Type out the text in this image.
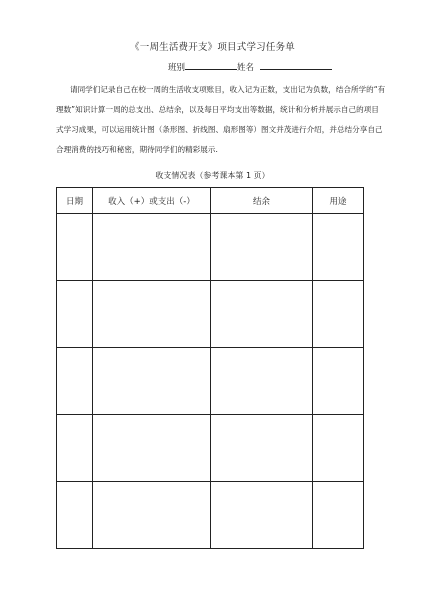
《一周生活费开支》项目式学习任务单
班别	姓名
请同学们记录自己在校一周的生活收支项账目，收入记为正数，支出记为负数，结合所学的“有
理数”知识计算一周的总支出、总结余，以及每日平均支出等数据，统计和分析并展示自己的项目
式学习成果，可以运用统计图（条形图、折线图、扇形图等）图文并茂进行介绍，并总结分享自己
合理消费的技巧和秘密，期待同学们的精彩展示.
收支情况表（参考课本第 1 页）
日期	收入（+）或支出（-）	结余	用途
